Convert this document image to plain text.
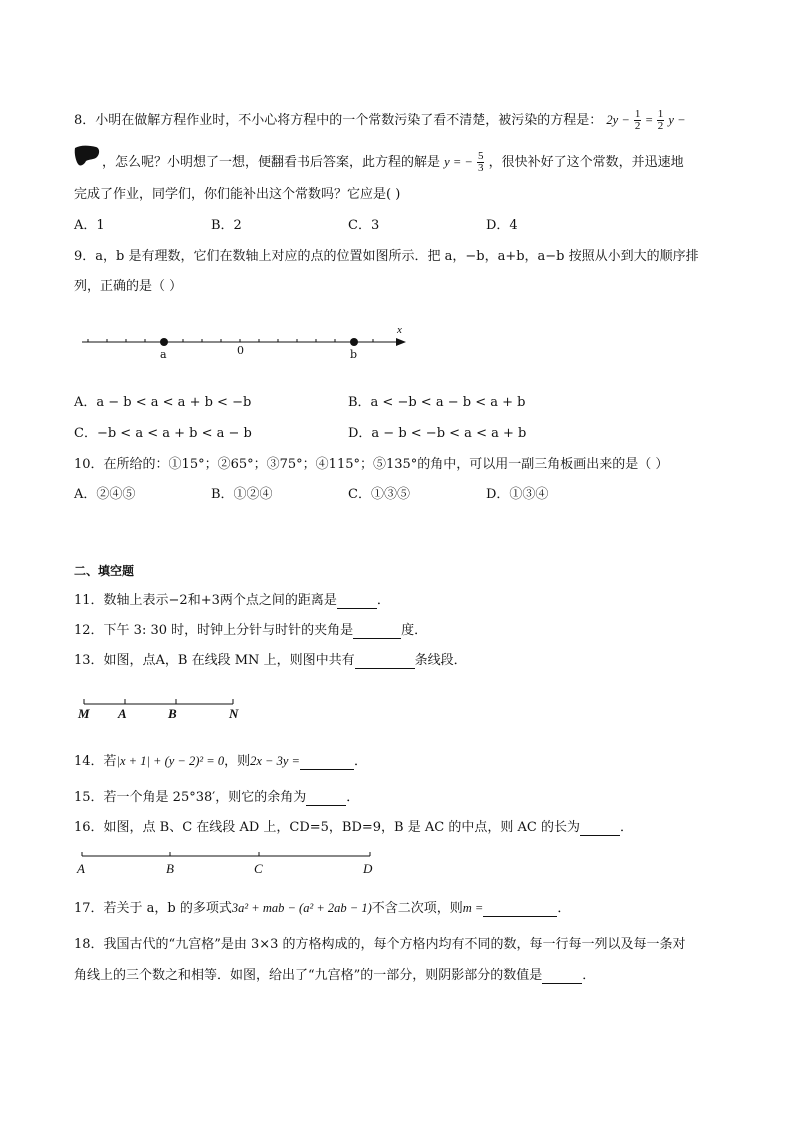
8．小明在做解方程作业时，不小心将方程中的一个常数污染了看不清楚，被污染的方程是： $2y - \frac{1}{2} = \frac{1}{2}$ y −
，怎么呢？小明想了一想，便翻看书后答案，此方程的解是 y = − $\frac{5}{3}$ ，很快补好了这个常数，并迅速地
完成了作业，同学们，你们能补出这个常数吗？它应是( )
A．1	B．2	C．3	D．4
9．a，b 是有理数，它们在数轴上对应的点的位置如图所示．把 a，−b，a+b，a−b 按照从小到大的顺序排
列，正确的是（ ）
x
a	0	b
A．a − b < a < a + b < −b	B．a < −b < a − b < a + b
C．−b < a < a + b < a − b	D．a − b < −b < a < a + b
10．在所给的：①15°；②65°；③75°；④115°；⑤135°的角中，可以用一副三角板画出来的是（ ）
A．②④⑤	B．①②④	C．①③⑤	D．①③④
二、填空题
11．数轴上表示−2和+3两个点之间的距离是	．
12．下午 3: 30 时，时钟上分针与时针的夹角是	度．
13．如图，点A，B 在线段 MN 上，则图中共有	条线段．
M A	B	N
14．若|x + 1| + (y − 2)² = 0，则2x − 3y =	．
15．若一个角是 25°38′，则它的余角为	．
16．如图，点 B、C 在线段 AD 上，CD=5，BD=9，B 是 AC 的中点，则 AC 的长为	．
A	B	C	D
17．若关于 a，b 的多项式3a² + mab − (a² + 2ab − 1)不含二次项，则m =	．
18．我国古代的“九宫格”是由 3×3 的方格构成的，每个方格内均有不同的数，每一行每一列以及每一条对
角线上的三个数之和相等．如图，给出了“九宫格”的一部分，则阴影部分的数值是	．
